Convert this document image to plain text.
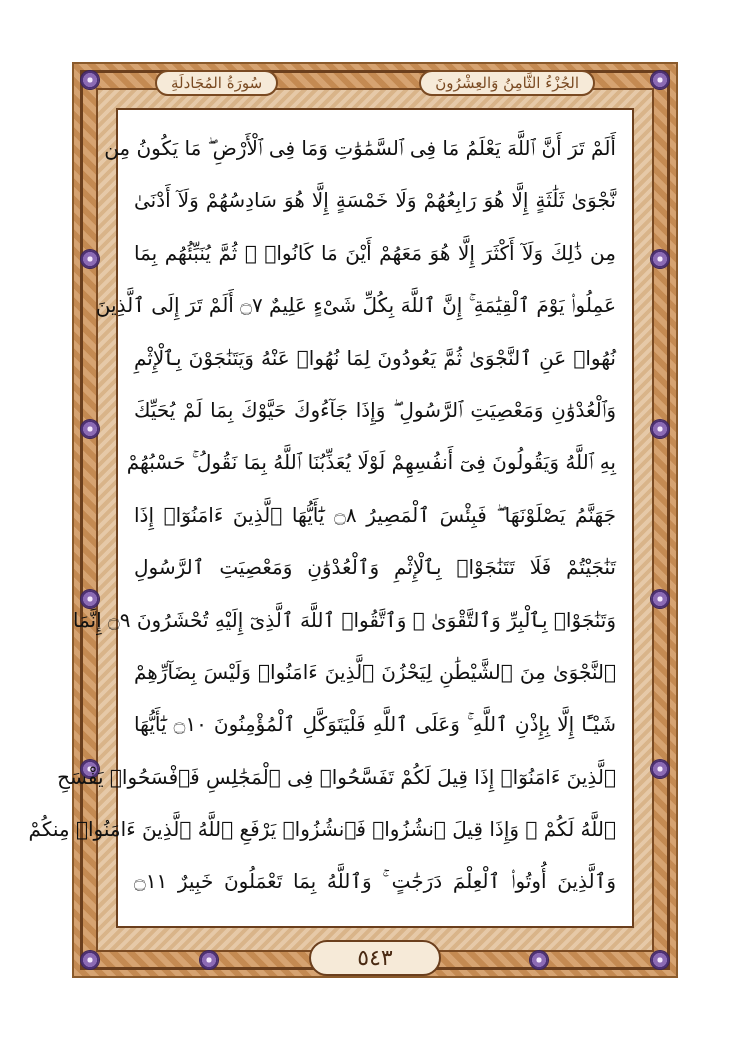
الجُزْءُ الثَّامِنُ وَالعِشْرُونَ
سُورَةُ المُجَادلَةِ
أَلَمْ تَرَ أَنَّ ٱللَّهَ يَعْلَمُ مَا فِى ٱلسَّمَٰوَٰتِ وَمَا فِى ٱلْأَرْضِ ۖ مَا يَكُونُ مِن
نَّجْوَىٰ ثَلَٰثَةٍ إِلَّا هُوَ رَابِعُهُمْ وَلَا خَمْسَةٍ إِلَّا هُوَ سَادِسُهُمْ وَلَآ أَدْنَىٰ
مِن ذَٰلِكَ وَلَآ أَكْثَرَ إِلَّا هُوَ مَعَهُمْ أَيْنَ مَا كَانُوا۟ ۖ ثُمَّ يُنَبِّئُهُم بِمَا
عَمِلُوا۟ يَوْمَ ٱلْقِيَٰمَةِ ۚ إِنَّ ٱللَّهَ بِكُلِّ شَىْءٍ عَلِيمٌ ۝٧ أَلَمْ تَرَ إِلَى ٱلَّذِينَ
نُهُوا۟ عَنِ ٱلنَّجْوَىٰ ثُمَّ يَعُودُونَ لِمَا نُهُوا۟ عَنْهُ وَيَتَنَٰجَوْنَ بِٱلْإِثْمِ
وَٱلْعُدْوَٰنِ وَمَعْصِيَتِ ٱلرَّسُولِ ۖ وَإِذَا جَآءُوكَ حَيَّوْكَ بِمَا لَمْ يُحَيِّكَ
بِهِ ٱللَّهُ وَيَقُولُونَ فِىٓ أَنفُسِهِمْ لَوْلَا يُعَذِّبُنَا ٱللَّهُ بِمَا نَقُولُ ۚ حَسْبُهُمْ
جَهَنَّمُ يَصْلَوْنَهَا ۖ فَبِئْسَ ٱلْمَصِيرُ ۝٨ يَٰٓأَيُّهَا ٱلَّذِينَ ءَامَنُوٓا۟ إِذَا
تَنَٰجَيْتُمْ فَلَا تَتَنَٰجَوْا۟ بِٱلْإِثْمِ وَٱلْعُدْوَٰنِ وَمَعْصِيَتِ ٱلرَّسُولِ
وَتَنَٰجَوْا۟ بِٱلْبِرِّ وَٱلتَّقْوَىٰ ۖ وَٱتَّقُوا۟ ٱللَّهَ ٱلَّذِىٓ إِلَيْهِ تُحْشَرُونَ ۝٩ إِنَّمَا
ٱلنَّجْوَىٰ مِنَ ٱلشَّيْطَٰنِ لِيَحْزُنَ ٱلَّذِينَ ءَامَنُوا۟ وَلَيْسَ بِضَآرِّهِمْ
شَيْـًٔا إِلَّا بِإِذْنِ ٱللَّهِ ۚ وَعَلَى ٱللَّهِ فَلْيَتَوَكَّلِ ٱلْمُؤْمِنُونَ ۝١٠ يَٰٓأَيُّهَا
ٱلَّذِينَ ءَامَنُوٓا۟ إِذَا قِيلَ لَكُمْ تَفَسَّحُوا۟ فِى ٱلْمَجَٰلِسِ فَٱفْسَحُوا۟ يَفْسَحِ
ٱللَّهُ لَكُمْ ۖ وَإِذَا قِيلَ ٱنشُزُوا۟ فَٱنشُزُوا۟ يَرْفَعِ ٱللَّهُ ٱلَّذِينَ ءَامَنُوا۟ مِنكُمْ
وَٱلَّذِينَ أُوتُوا۟ ٱلْعِلْمَ دَرَجَٰتٍ ۚ وَٱللَّهُ بِمَا تَعْمَلُونَ خَبِيرٌ ۝١١
٥٤٣
